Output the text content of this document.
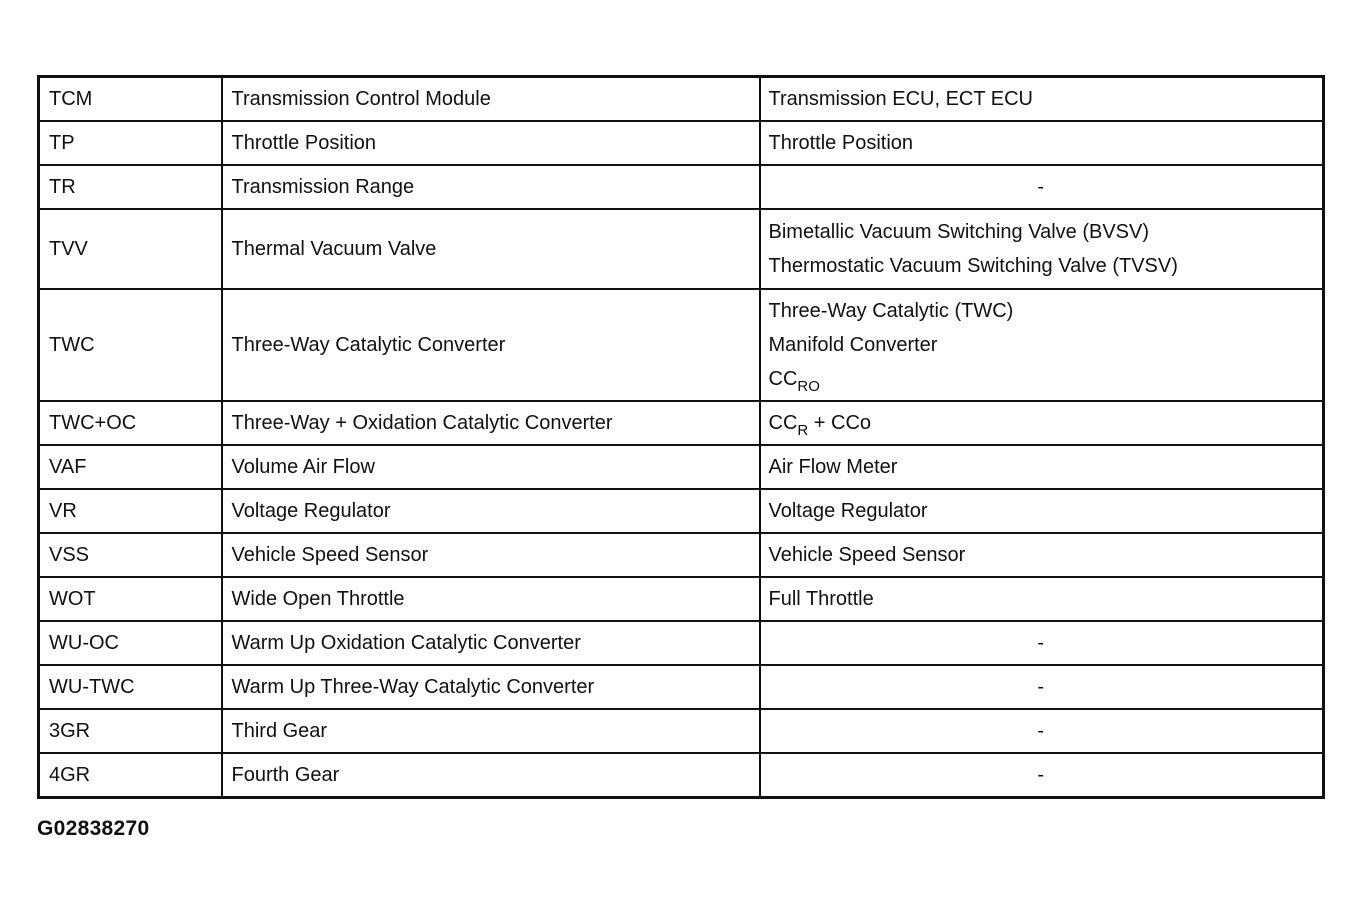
TCM	Transmission Control Module	Transmission ECU, ECT ECU
TP	Throttle Position	Throttle Position
TR	Transmission Range	-
TVV	Thermal Vacuum Valve	Bimetallic Vacuum Switching Valve (BVSV)
Thermostatic Vacuum Switching Valve (TVSV)

TWC	Three-Way Catalytic Converter	Three-Way Catalytic (TWC)
Manifold Converter
$CC_{RO}$

TWC+OC	Three-Way + Oxidation Catalytic Converter	$CC_R$ + CCo
VAF	Volume Air Flow	Air Flow Meter
VR	Voltage Regulator	Voltage Regulator
VSS	Vehicle Speed Sensor	Vehicle Speed Sensor
WOT	Wide Open Throttle	Full Throttle
WU-OC	Warm Up Oxidation Catalytic Converter	-
WU-TWC	Warm Up Three-Way Catalytic Converter	-
3GR	Third Gear	-
4GR	Fourth Gear	-
G02838270
